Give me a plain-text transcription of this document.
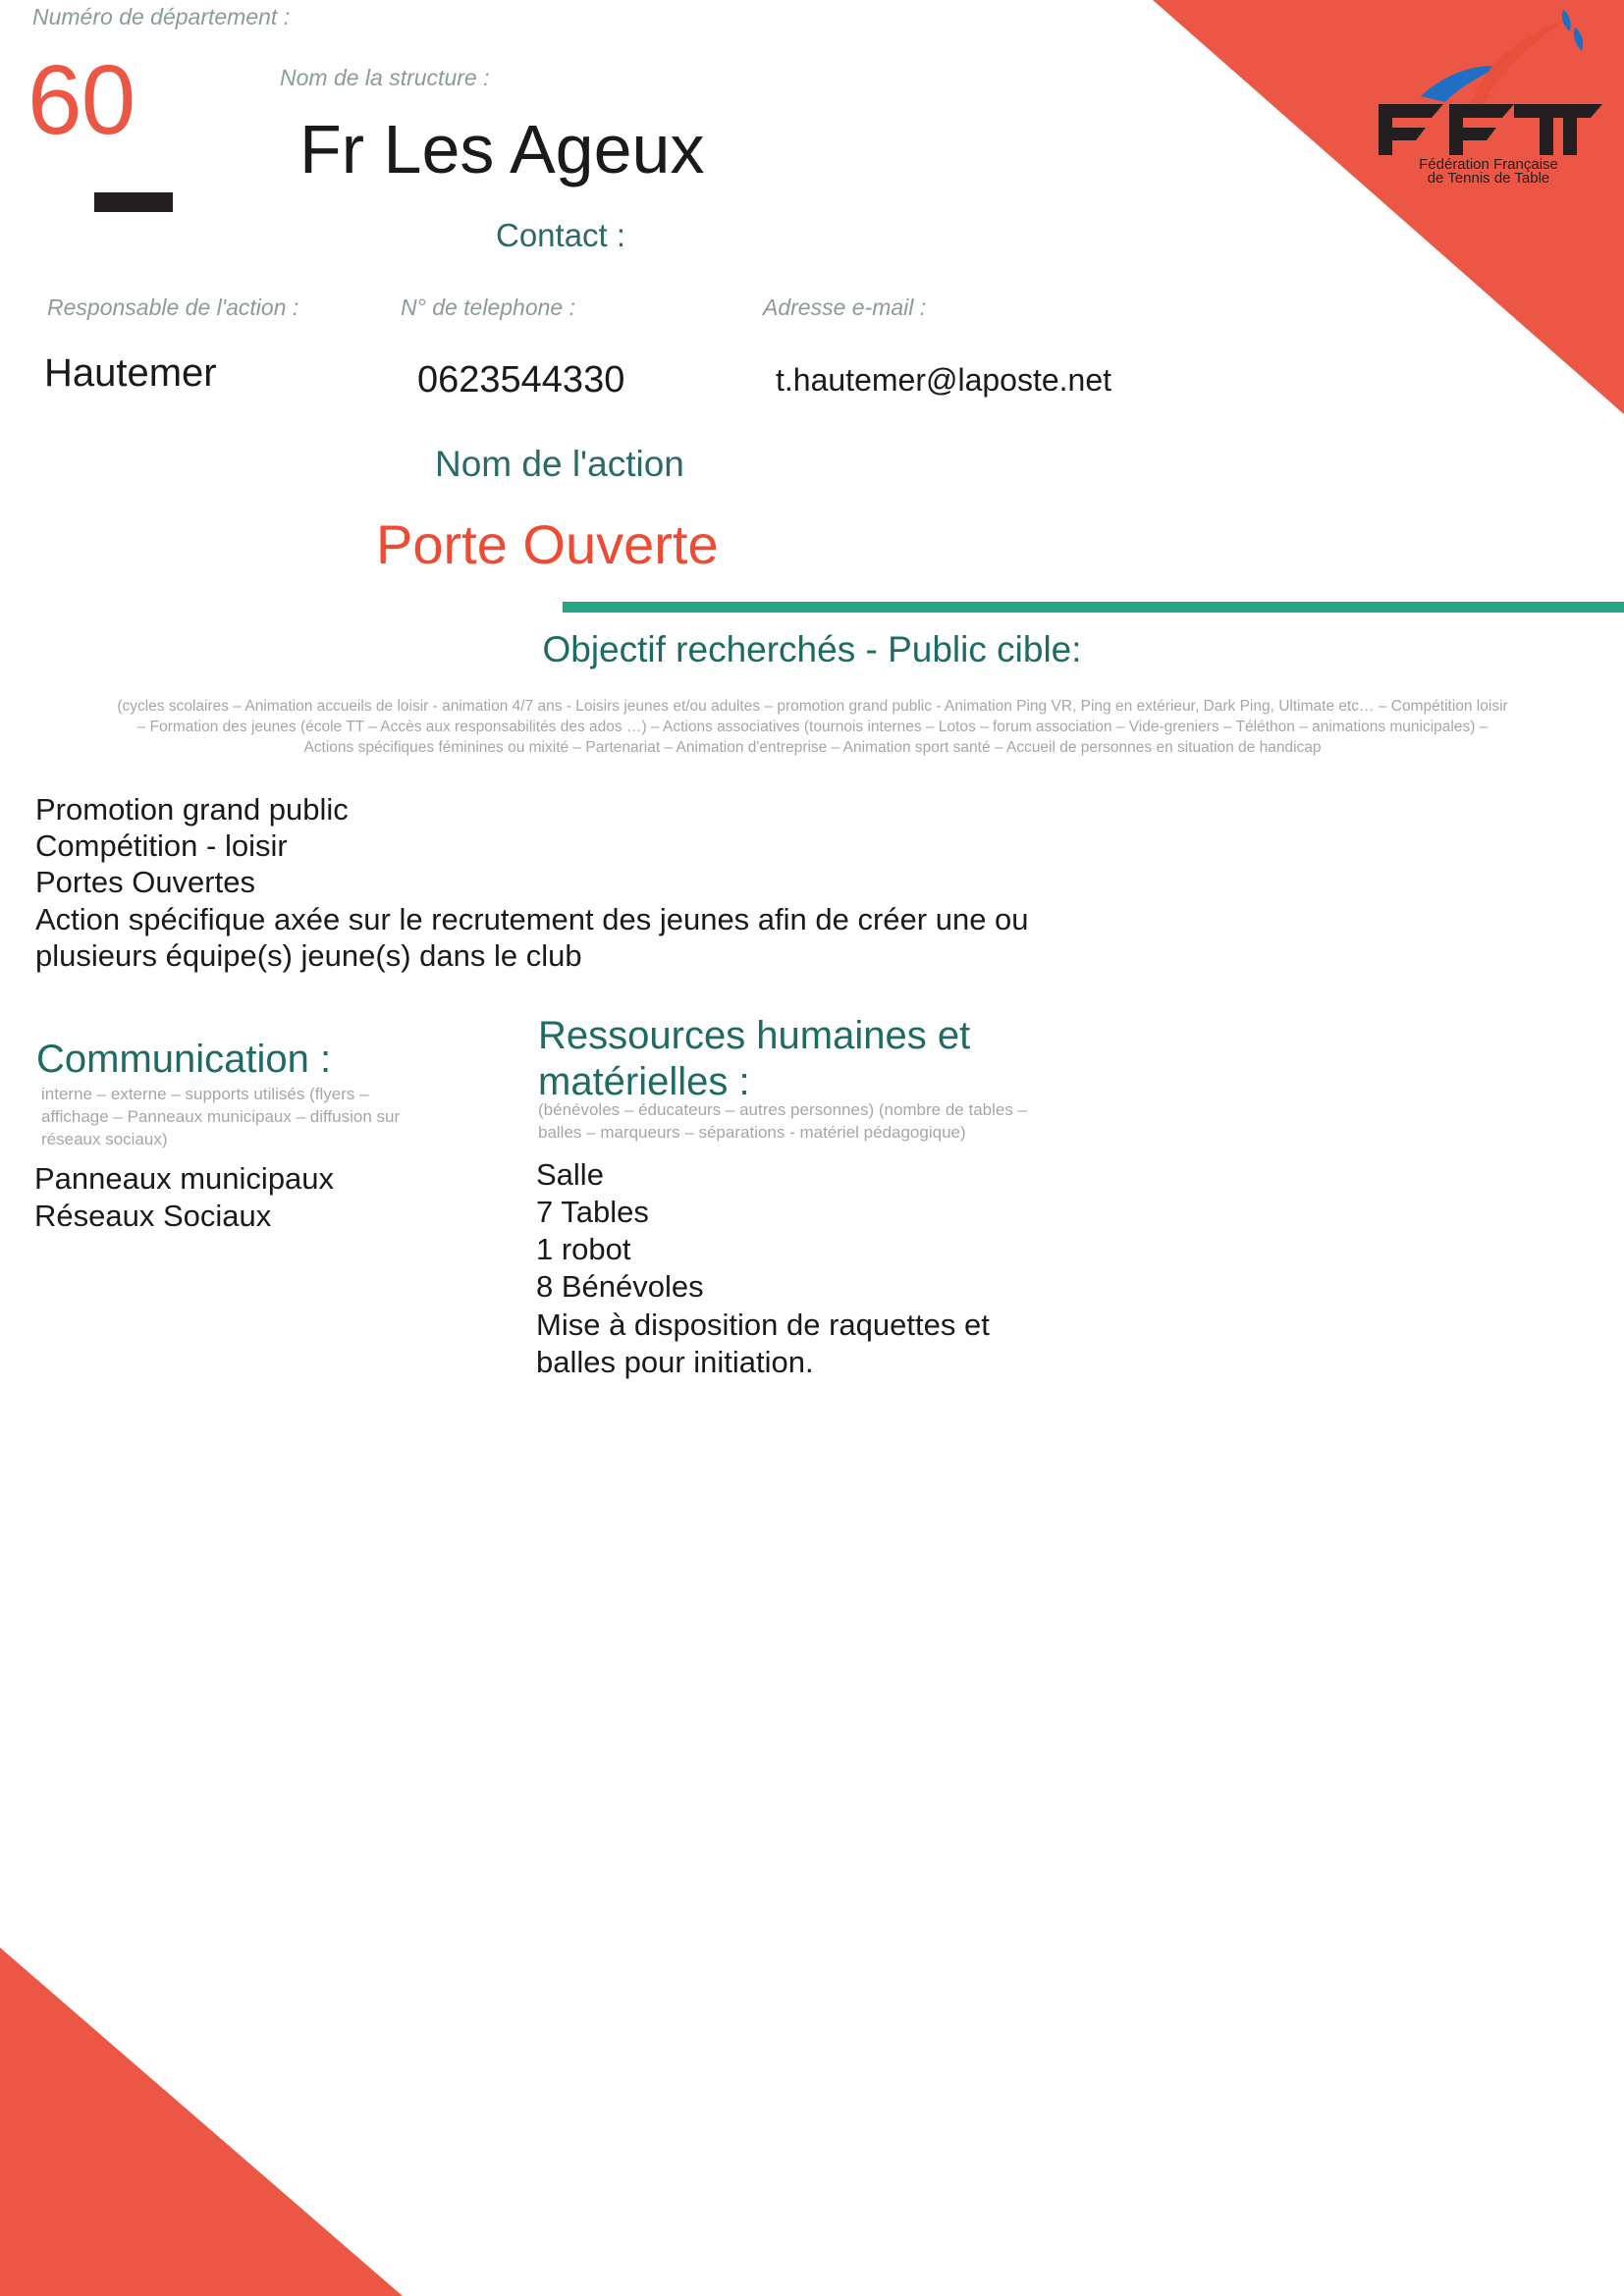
Fédération Française
de Tennis de Table
Numéro de département :
60	Nom de la structure :
Fr Les Ageux
Contact :
Responsable de l'action :
Hautemer
N° de telephone :
0623544330
Adresse e-mail :
t.hautemer@laposte.net
Nom de l'action
Porte Ouverte
Objectif recherchés - Public cible:
(cycles scolaires – Animation accueils de loisir - animation 4/7 ans - Loisirs jeunes et/ou adultes – promotion grand public - Animation Ping VR, Ping en extérieur, Dark Ping, Ultimate etc… – Compétition loisir – Formation des jeunes (école TT – Accès aux responsabilités des ados …) – Actions associatives (tournois internes – Lotos – forum association – Vide-greniers – Téléthon – animations municipales) – Actions spécifiques féminines ou mixité – Partenariat – Animation d'entreprise – Animation sport santé – Accueil de personnes en situation de handicap
Promotion grand public
Compétition - loisir
Portes Ouvertes
Action spécifique axée sur le recrutement des jeunes afin de créer une ou
plusieurs équipe(s) jeune(s) dans le club
Communication :
interne – externe – supports utilisés (flyers – affichage – Panneaux municipaux – diffusion sur réseaux sociaux)
Panneaux municipaux
Réseaux Sociaux
Ressources humaines et matérielles :
(bénévoles – éducateurs – autres personnes) (nombre de tables – balles – marqueurs – séparations - matériel pédagogique)
Salle
7 Tables
1 robot
8 Bénévoles
Mise à disposition de raquettes et
balles pour initiation.
